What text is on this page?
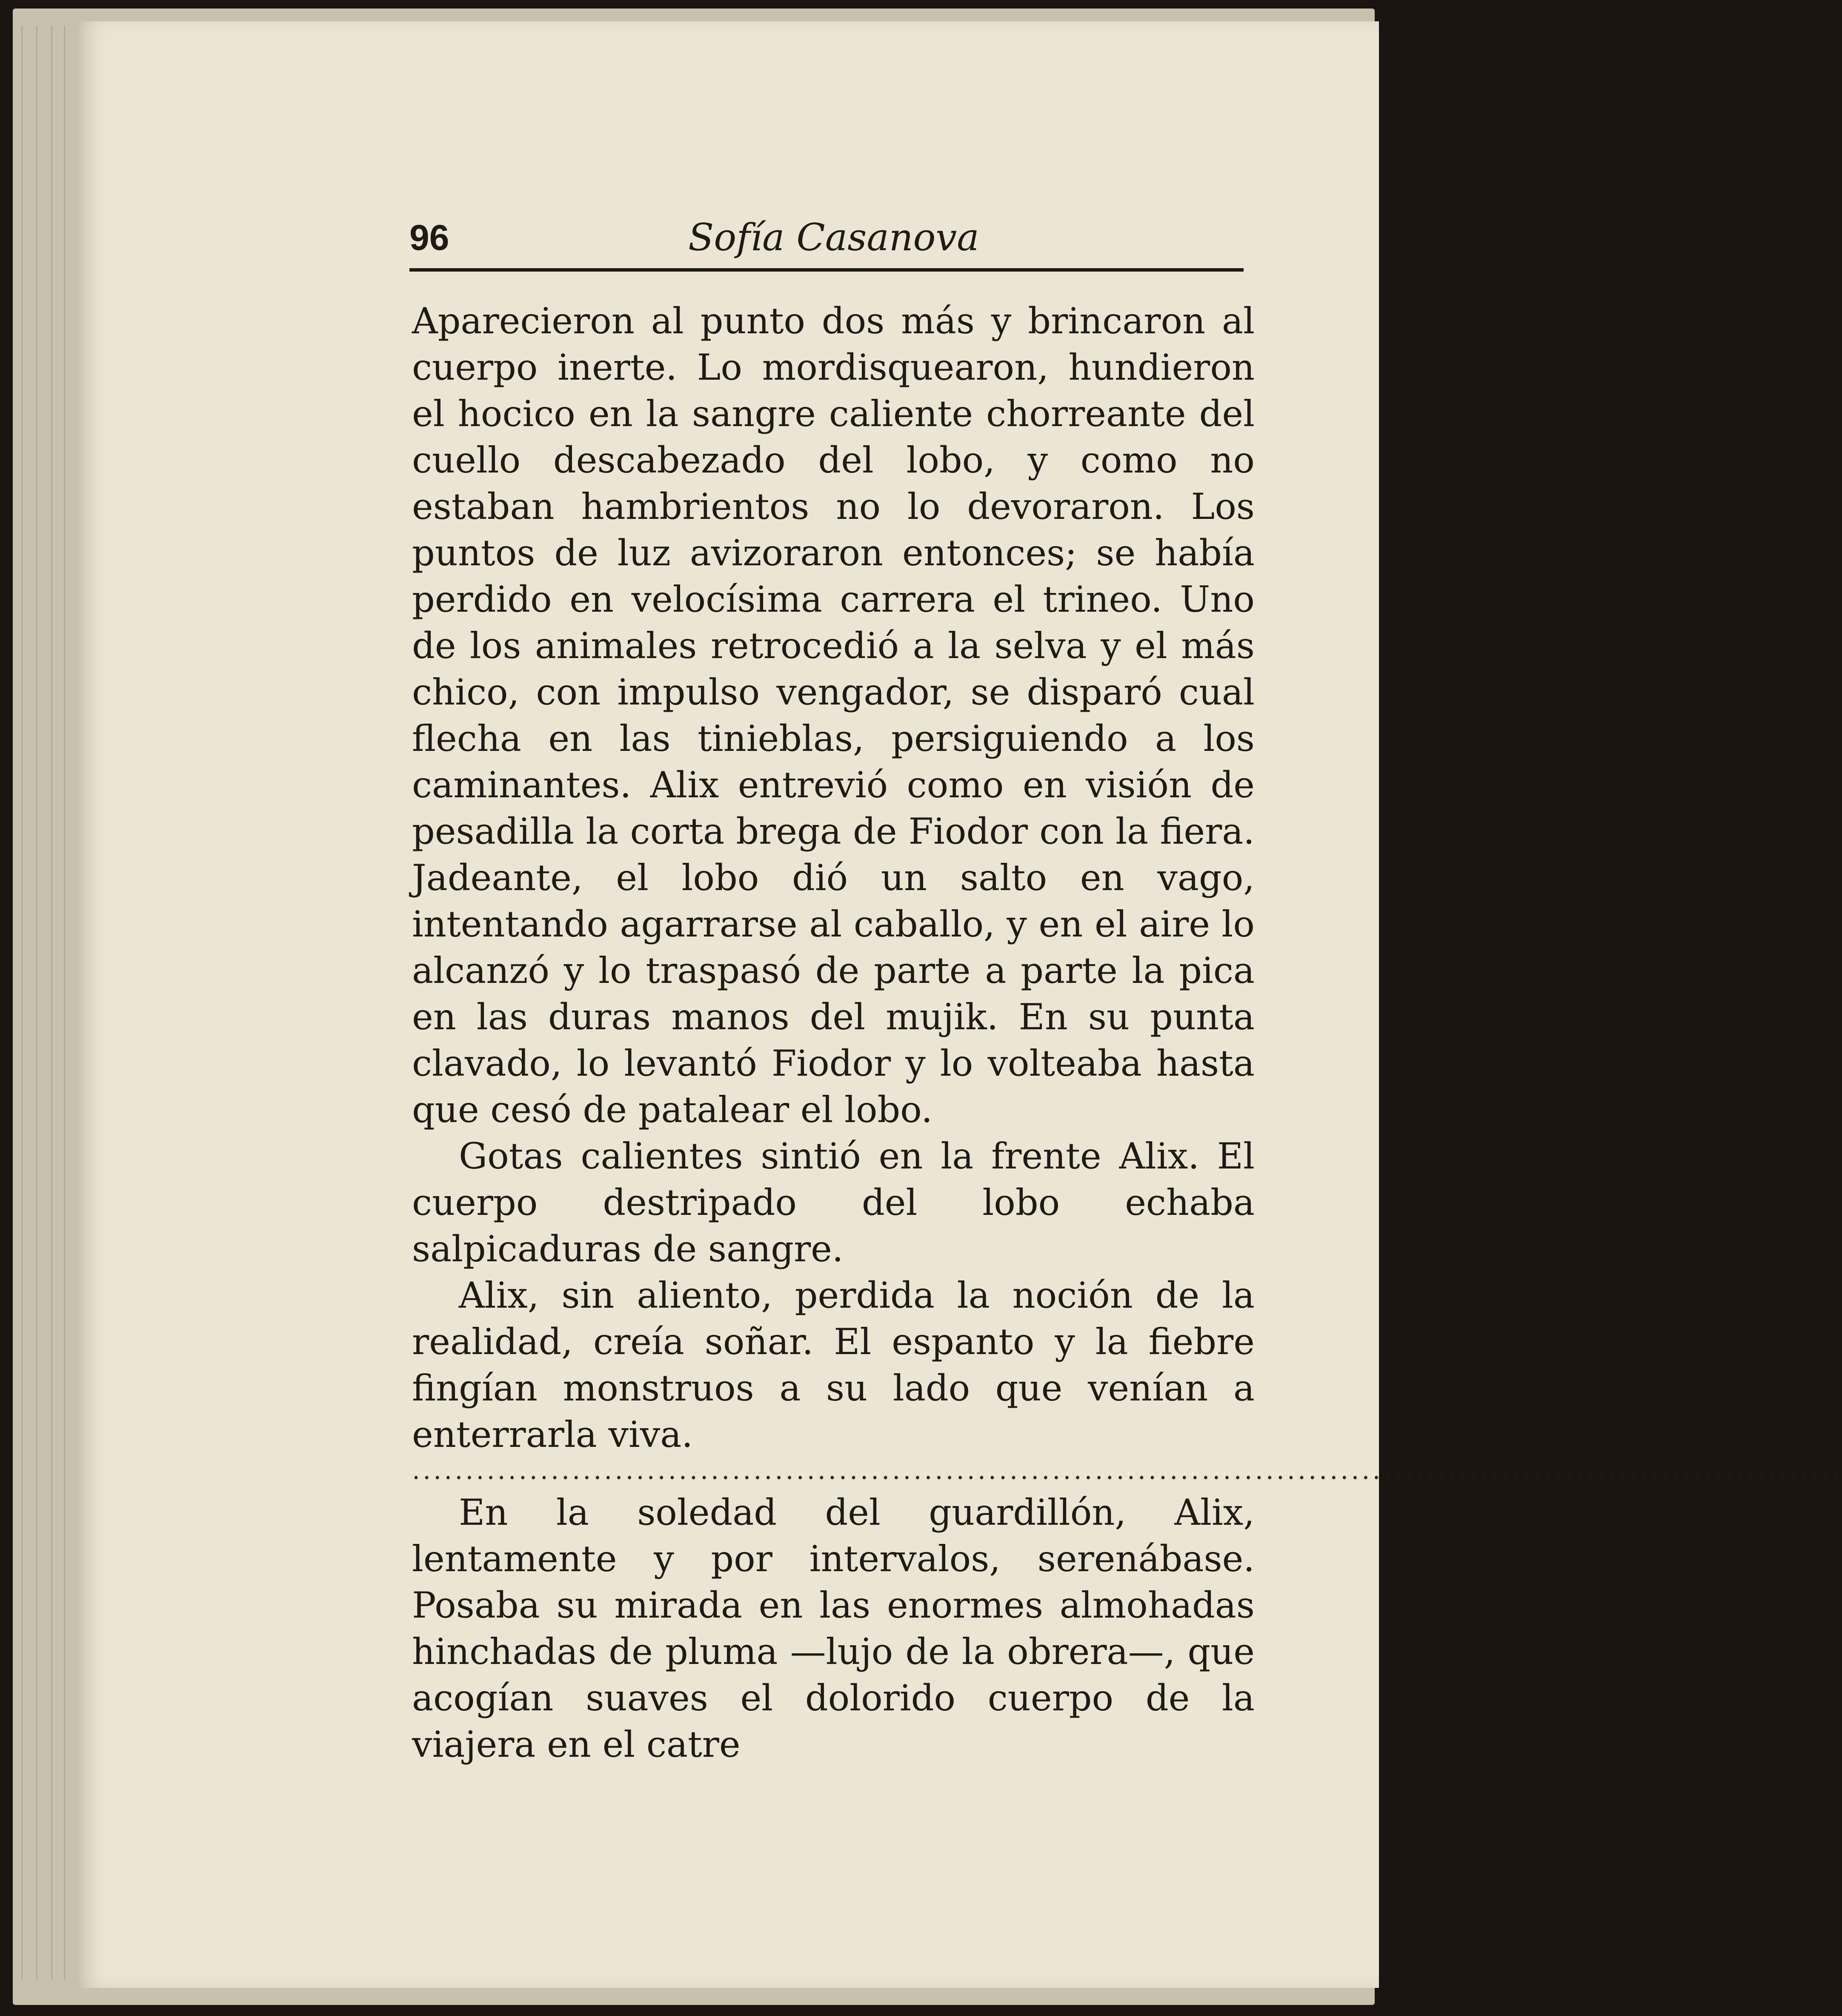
96	Sofía Casanova

Aparecieron al punto dos más y brincaron al cuerpo inerte. Lo mordisquearon, hundieron el hocico en la sangre caliente chorreante del cuello descabezado del lobo, y como no estaban hambrientos no lo devoraron. Los puntos de luz avizoraron entonces; se había perdido en velocísima carrera el trineo. Uno de los animales retrocedió a la selva y el más chico, con impulso vengador, se disparó cual flecha en las tinieblas, persiguiendo a los caminantes. Alix entrevió como en visión de pesadilla la corta brega de Fiodor con la fiera. Jadeante, el lobo dió un salto en vago, intentando agarrarse al caballo, y en el aire lo alcanzó y lo traspasó de parte a parte la pica en las duras manos del mujik. En su punta clavado, lo levantó Fiodor y lo volteaba hasta que cesó de patalear el lobo.

Gotas calientes sintió en la frente Alix. El cuerpo destripado del lobo echaba salpicaduras de sangre.

Alix, sin aliento, perdida la noción de la realidad, creía soñar. El espanto y la fiebre fingían monstruos a su lado que venían a enterrarla viva.

......................................................................................................................................

En la soledad del guardillón, Alix, lentamente y por intervalos, serenábase. Posaba su mirada en las enormes almohadas hinchadas de pluma —lujo de la obrera—, que acogían suaves el dolorido cuerpo de la viajera en el catre
